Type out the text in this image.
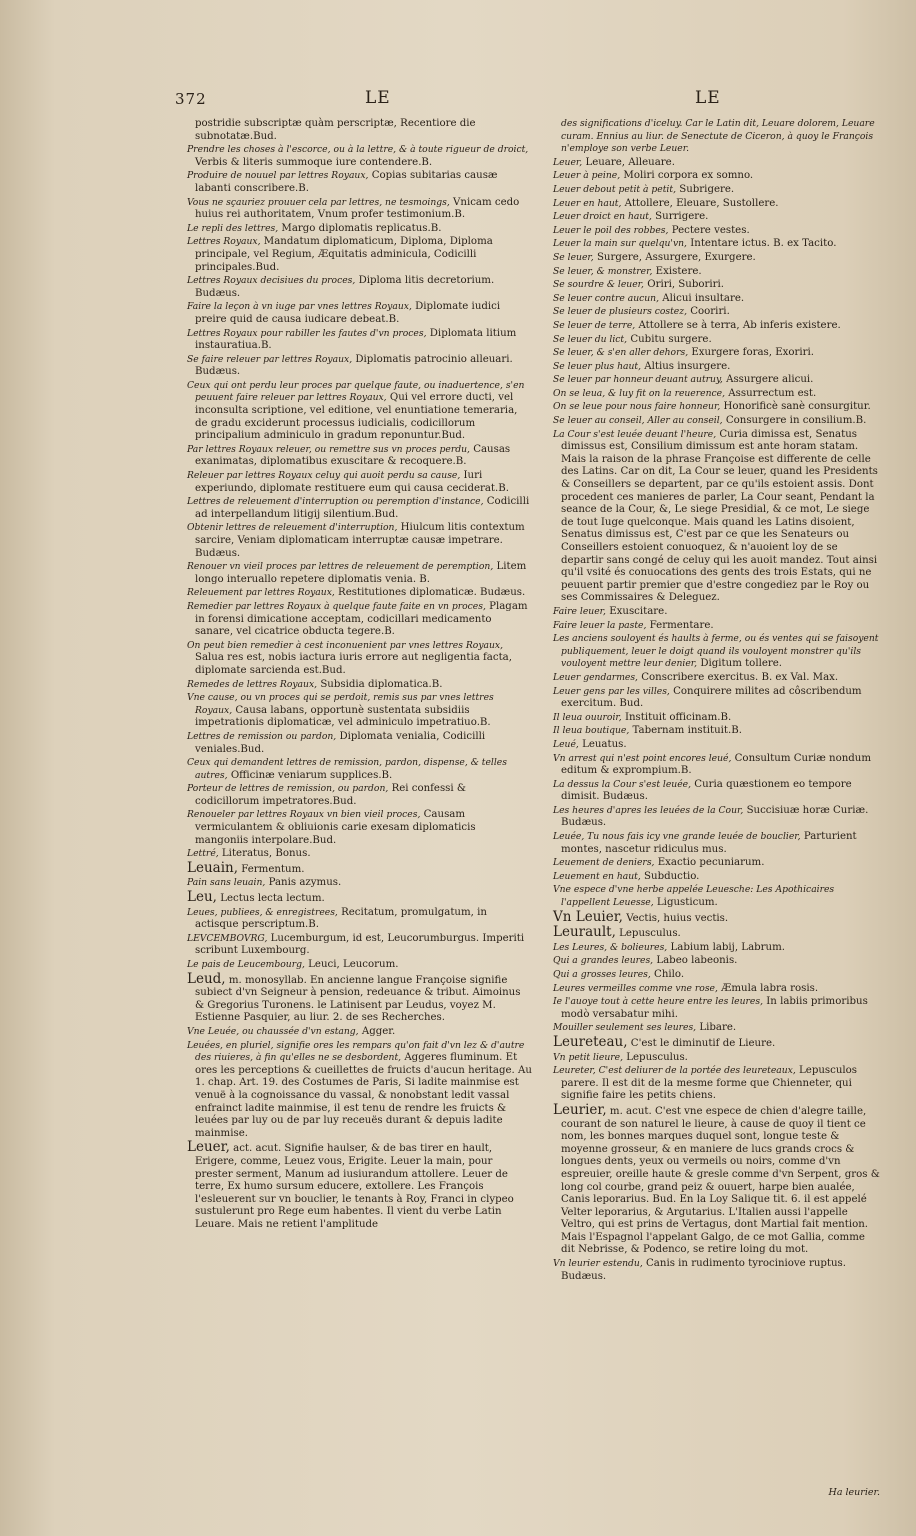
372	LE	LE
postridie subscriptæ quàm perscriptæ, Recentiore die subnotatæ.Bud.
Prendre les choses à l'escorce, ou à la lettre, & à toute rigueur de droict, Verbis & literis summoque iure contendere.B.
Produire de nouuel par lettres Royaux, Copias subitarias causæ labanti conscribere.B.
Vous ne sçauriez prouuer cela par lettres, ne tesmoings, Vnicam cedo huius rei authoritatem, Vnum profer testimonium.B.
Le repli des lettres, Margo diplomatis replicatus.B.
Lettres Royaux, Mandatum diplomaticum, Diploma, Diploma principale, vel Regium, Æquitatis adminicula, Codicilli principales.Bud.
Lettres Royaux decisiues du proces, Diploma litis decretorium. Budæus.
Faire la leçon à vn iuge par vnes lettres Royaux, Diplomate iudici preire quid de causa iudicare debeat.B.
Lettres Royaux pour rabiller les fautes d'vn proces, Diplomata litium instauratiua.B.
Se faire releuer par lettres Royaux, Diplomatis patrocinio alleuari. Budæus.
Ceux qui ont perdu leur proces par quelque faute, ou inaduertence, s'en peuuent faire releuer par lettres Royaux, Qui vel errore ducti, vel inconsulta scriptione, vel editione, vel enuntiatione temeraria, de gradu exciderunt processus iudicialis, codicillorum principalium adminiculo in gradum reponuntur.Bud.
Par lettres Royaux releuer, ou remettre sus vn proces perdu, Causas exanimatas, diplomatibus exuscitare & recoquere.B.
Releuer par lettres Royaux celuy qui auoit perdu sa cause, Iuri experiundo, diplomate restituere eum qui causa ceciderat.B.
Lettres de releuement d'interruption ou peremption d'instance, Codicilli ad interpellandum litigij silentium.Bud.
Obtenir lettres de releuement d'interruption, Hiulcum litis contextum sarcire, Veniam diplomaticam interruptæ causæ impetrare. Budæus.
Renouer vn vieil proces par lettres de releuement de peremption, Litem longo interuallo repetere diplomatis venia. B.
Releuement par lettres Royaux, Restitutiones diplomaticæ. Budæus.
Remedier par lettres Royaux à quelque faute faite en vn proces, Plagam in forensi dimicatione acceptam, codicillari medicamento sanare, vel cicatrice obducta tegere.B.
On peut bien remedier à cest inconuenient par vnes lettres Royaux, Salua res est, nobis iactura iuris errore aut negligentia facta, diplomate sarcienda est.Bud.
Remedes de lettres Royaux, Subsidia diplomatica.B.
Vne cause, ou vn proces qui se perdoit, remis sus par vnes lettres Royaux, Causa labans, opportunè sustentata subsidiis impetrationis diplomaticæ, vel adminiculo impetratiuo.B.
Lettres de remission ou pardon, Diplomata venialia, Codicilli veniales.Bud.
Ceux qui demandent lettres de remission, pardon, dispense, & telles autres, Officinæ veniarum supplices.B.
Porteur de lettres de remission, ou pardon, Rei confessi & codicillorum impetratores.Bud.
Renoueler par lettres Royaux vn bien vieil proces, Causam vermiculantem & obliuionis carie exesam diplomaticis mangoniis interpolare.Bud.
Lettré, Literatus, Bonus.
Leuain, Fermentum.
Pain sans leuain, Panis azymus.
Leu, Lectus lecta lectum.
Leues, publiees, & enregistrees, Recitatum, promulgatum, in actisque perscriptum.B.
LEVCEMBOVRG, Lucemburgum, id est, Leucorumburgus. Imperiti scribunt Luxembourg.
Le pais de Leucembourg, Leuci, Leucorum.
Leud, m. monosyllab. En ancienne langue Françoise signifie subiect d'vn Seigneur à pension, redeuance & tribut. Aimoinus & Gregorius Turonens. le Latinisent par Leudus, voyez M. Estienne Pasquier, au liur. 2. de ses Recherches.
Vne Leuée, ou chaussée d'vn estang, Agger.
Leuées, en pluriel, signifie ores les rempars qu'on fait d'vn lez & d'autre des riuieres, à fin qu'elles ne se desbordent, Aggeres fluminum. Et ores les perceptions & cueillettes de fruicts d'aucun heritage. Au 1. chap. Art. 19. des Costumes de Paris, Si ladite mainmise est venuë à la cognoissance du vassal, & nonobstant ledit vassal enfrainct ladite mainmise, il est tenu de rendre les fruicts & leuées par luy ou de par luy receuës durant & depuis ladite mainmise.
Leuer, act. acut. Signifie haulser, & de bas tirer en hault, Erigere, comme, Leuez vous, Erigite. Leuer la main, pour prester serment, Manum ad iusiurandum attollere. Leuer de terre, Ex humo sursum educere, extollere. Les François l'esleuerent sur vn bouclier, le tenants à Roy, Franci in clypeo sustulerunt pro Rege eum habentes. Il vient du verbe Latin Leuare. Mais ne retient l'amplitude
des significations d'iceluy. Car le Latin dit, Leuare dolorem, Leuare curam. Ennius au liur. de Senectute de Ciceron, à quoy le François n'employe son verbe Leuer.
Leuer, Leuare, Alleuare.
Leuer à peine, Moliri corpora ex somno.
Leuer debout petit à petit, Subrigere.
Leuer en haut, Attollere, Eleuare, Sustollere.
Leuer droict en haut, Surrigere.
Leuer le poil des robbes, Pectere vestes.
Leuer la main sur quelqu'vn, Intentare ictus. B. ex Tacito.
Se leuer, Surgere, Assurgere, Exurgere.
Se leuer, & monstrer, Existere.
Se sourdre & leuer, Oriri, Suboriri.
Se leuer contre aucun, Alicui insultare.
Se leuer de plusieurs costez, Cooriri.
Se leuer de terre, Attollere se à terra, Ab inferis existere.
Se leuer du lict, Cubitu surgere.
Se leuer, & s'en aller dehors, Exurgere foras, Exoriri.
Se leuer plus haut, Altius insurgere.
Se leuer par honneur deuant autruy, Assurgere alicui.
On se leua, & luy fit on la reuerence, Assurrectum est.
On se leue pour nous faire honneur, Honorificè sanè consurgitur.
Se leuer au conseil, Aller au conseil, Consurgere in consilium.B.
La Cour s'est leuée deuant l'heure, Curia dimissa est, Senatus dimissus est, Consilium dimissum est ante horam statam. Mais la raison de la phrase Françoise est differente de celle des Latins. Car on dit, La Cour se leuer, quand les Presidents & Conseillers se departent, par ce qu'ils estoient assis. Dont procedent ces manieres de parler, La Cour seant, Pendant la seance de la Cour, &, Le siege Presidial, & ce mot, Le siege de tout Iuge quelconque. Mais quand les Latins disoient, Senatus dimissus est, C'est par ce que les Senateurs ou Conseillers estoient conuoquez, & n'auoient loy de se departir sans congé de celuy qui les auoit mandez. Tout ainsi qu'il vsité és conuocations des gents des trois Estats, qui ne peuuent partir premier que d'estre congediez par le Roy ou ses Commissaires & Deleguez.
Faire leuer, Exuscitare.
Faire leuer la paste, Fermentare.
Les anciens souloyent és haults à ferme, ou és ventes qui se faisoyent publiquement, leuer le doigt quand ils vouloyent monstrer qu'ils vouloyent mettre leur denier, Digitum tollere.
Leuer gendarmes, Conscribere exercitus. B. ex Val. Max.
Leuer gens par les villes, Conquirere milites ad côscribendum exercitum. Bud.
Il leua ouuroir, Instituit officinam.B.
Il leua boutique, Tabernam instituit.B.
Leué, Leuatus.
Vn arrest qui n'est point encores leué, Consultum Curiæ nondum editum & exprompium.B.
La dessus la Cour s'est leuée, Curia quæstionem eo tempore dimisit. Budæus.
Les heures d'apres les leuées de la Cour, Succisiuæ horæ Curiæ. Budæus.
Leuée, Tu nous fais icy vne grande leuée de bouclier, Parturient montes, nascetur ridiculus mus.
Leuement de deniers, Exactio pecuniarum.
Leuement en haut, Subductio.
Vne espece d'vne herbe appelée Leuesche: Les Apothicaires l'appellent Leuesse, Ligusticum.
Vn Leuier, Vectis, huius vectis.
Leurault, Lepusculus.
Les Leures, & bolieures, Labium labij, Labrum.
Qui a grandes leures, Labeo labeonis.
Qui a grosses leures, Chilo.
Leures vermeilles comme vne rose, Æmula labra rosis.
Ie l'auoye tout à cette heure entre les leures, In labiis primoribus modò versabatur mihi.
Mouiller seulement ses leures, Libare.
Leureteau, C'est le diminutif de Lieure.
Vn petit lieure, Lepusculus.
Leureter, C'est deliurer de la portée des leureteaux, Lepusculos parere. Il est dit de la mesme forme que Chienneter, qui signifie faire les petits chiens.
Leurier, m. acut. C'est vne espece de chien d'alegre taille, courant de son naturel le lieure, à cause de quoy il tient ce nom, les bonnes marques duquel sont, longue teste & moyenne grosseur, & en maniere de lucs grands crocs & longues dents, yeux ou vermeils ou noirs, comme d'vn espreuier, oreille haute & gresle comme d'vn Serpent, gros & long col courbe, grand peiz & ouuert, harpe bien aualée, Canis leporarius. Bud. En la Loy Salique tit. 6. il est appelé Velter leporarius, & Argutarius. L'Italien aussi l'appelle Veltro, qui est prins de Vertagus, dont Martial fait mention. Mais l'Espagnol l'appelant Galgo, de ce mot Gallia, comme dit Nebrisse, & Podenco, se retire loing du mot.
Vn leurier estendu, Canis in rudimento tyrociniove ruptus. Budæus.
Ha leurier.
